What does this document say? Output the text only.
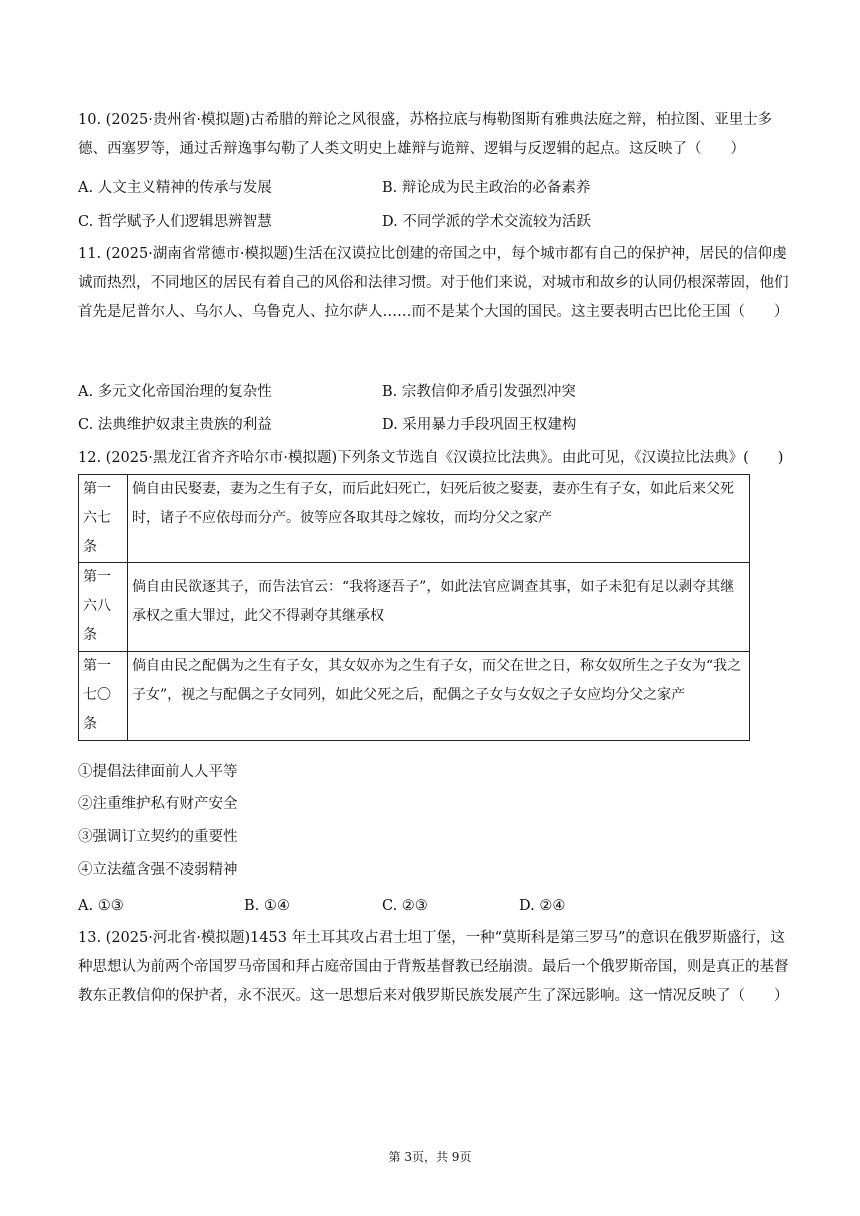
10. (2025·贵州省·模拟题)古希腊的辩论之风很盛，苏格拉底与梅勒图斯有雅典法庭之辩，柏拉图、亚里士多德、西塞罗等，通过舌辩逸事勾勒了人类文明史上雄辩与诡辩、逻辑与反逻辑的起点。这反映了（　　）
A. 人文主义精神的传承与发展	B. 辩论成为民主政治的必备素养
C. 哲学赋予人们逻辑思辨智慧	D. 不同学派的学术交流较为活跃
11. (2025·湖南省常德市·模拟题)生活在汉谟拉比创建的帝国之中，每个城市都有自己的保护神，居民的信仰虔诚而热烈，不同地区的居民有着自己的风俗和法律习惯。对于他们来说，对城市和故乡的认同仍根深蒂固，他们首先是尼普尔人、乌尔人、乌鲁克人、拉尔萨人……而不是某个大国的国民。这主要表明古巴比伦王国（　　）
A. 多元文化帝国治理的复杂性	B. 宗教信仰矛盾引发强烈冲突
C. 法典维护奴隶主贵族的利益	D. 采用暴力手段巩固王权建构
12. (2025·黑龙江省齐齐哈尔市·模拟题)下列条文节选自《汉谟拉比法典》。由此可见，《汉谟拉比法典》(　　)
第一六七条	倘自由民娶妻，妻为之生有子女，而后此妇死亡，妇死后彼之娶妻，妻亦生有子女，如此后来父死时，诸子不应依母而分产。彼等应各取其母之嫁妆，而均分父之家产
第一六八条	倘自由民欲逐其子，而告法官云：“我将逐吾子”，如此法官应调查其事，如子未犯有足以剥夺其继承权之重大罪过，此父不得剥夺其继承权
第一七〇条	倘自由民之配偶为之生有子女，其女奴亦为之生有子女，而父在世之日，称女奴所生之子女为“我之子女”，视之与配偶之子女同列，如此父死之后，配偶之子女与女奴之子女应均分父之家产
①提倡法律面前人人平等
②注重维护私有财产安全
③强调订立契约的重要性
④立法蕴含强不凌弱精神
A. ①③	B. ①④	C. ②③	D. ②④
13. (2025·河北省·模拟题)1453 年土耳其攻占君士坦丁堡，一种“莫斯科是第三罗马”的意识在俄罗斯盛行，这种思想认为前两个帝国罗马帝国和拜占庭帝国由于背叛基督教已经崩溃。最后一个俄罗斯帝国，则是真正的基督教东正教信仰的保护者，永不泯灭。这一思想后来对俄罗斯民族发展产生了深远影响。这一情况反映了（　　）
第 3页，共 9页
